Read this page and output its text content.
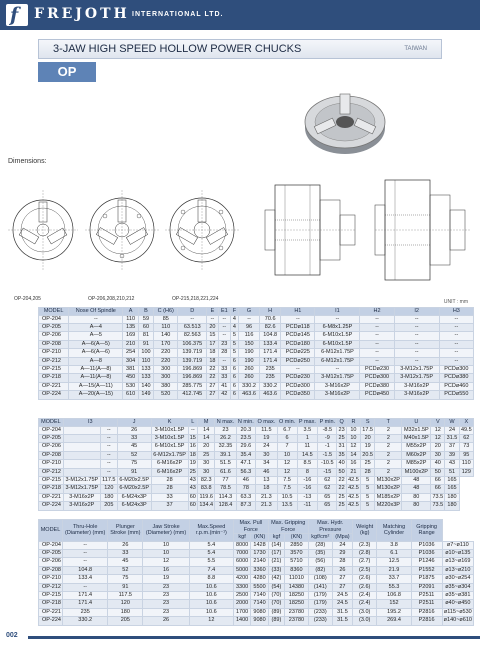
f FREJOTH INTERNATIONAL LTD.
3-JAW HIGH SPEED HOLLOW POWER CHUCKS	TAIWAN
OP
Dimensions:
OP-204,205	OP-206,208,210,212	OP-215,218,221,224	UNIT : mm
MODEL	Nose Of Spindle	A	B	C (H6)	D	E	E1	F	G	H	H1	I1	H2	I2	H3
OP-204	--	110	59	85	--	--	--	4	--	70.6	--	--	--	--	--
OP-205	A—4	135	60	110	63.513	20	--	4	96	82.6	PCDø118	6-M8x1.25P	--	--	--
OP-206	A—5	169	81	140	82.563	15	--	5	116	104.8	PCDø145	6-M10x1.5P	--	--	--
OP-208	A—6(A—5)	210	91	170	106.375	17	23	5	150	133.4	PCDø180	6-M10x1.5P	--	--	--
OP-210	A—6(A—6)	254	100	220	139.719	18	28	5	190	171.4	PCDø225	6-M12x1.75P	--	--	--
OP-212	A—8	304	110	220	139.719	18	--	6	190	171.4	PCDø250	6-M12x1.75P	--	--	--
OP-215	A—11(A—8)	381	133	300	196.869	22	33	6	260	235	--	--	PCDø230	3-M12x1.75P	PCDø300
OP-218	A—11(A—8)	450	133	300	196.869	22	33	6	260	235	PCDø230	3-M12x1.75P	PCDø300	3-M12x1.75P	PCDø380
OP-221	A—15(A—11)	530	140	380	285.775	27	41	6	330.2	330.2	PCDø300	3-M16x2P	PCDø380	3-M16x2P	PCDø460
OP-224	A—20(A—15)	610	149	520	412.745	27	42	6	463.6	463.6	PCDø350	3-M16x2P	PCDø450	3-M16x2P	PCDø550
MODEL	I3		J	K	L	M	N max.	N min.	O max.	O min.	P max.	P min.	Q	R	S	T	U	V	W	X
OP-204		--	26	3-M10x1.5P	--	14	23	20.3	11.5	6.7	3.5	-8.5	23	10	17.5	2	M32x1.5P	12	24	49.5
OP-205		--	33	3-M10x1.5P	15	14	26.2	23.5	19	6	1	-9	25	10	20	2	M40x1.5P	12	31.5	62
OP-206		--	45	6-M10x1.5P	16	20	32.35	29.6	24	7	11	-1	31	12	19	2	M55x2P	20	37	73
OP-208		--	52	6-M12x1.75P	18	25	39.1	35.4	30	10	14.5	-1.5	35	14	20.5	2	M60x2P	30	39	95
OP-210		--	75	6-M16x2P	19	30	51.5	47.1	34	12	8.5	-10.5	40	16	25	2	M85x2P	40	43	110
OP-212		--	91	6-M16x2P	25	30	61.6	56.3	46	12	8	-15	50	21	28	2	M100x2P	50	51	129
OP-215	3-M12x1.75P	117.5	6-M20x2.5P	28	43	82.3	77	46	13	7.5	-16	62	22	42.5	5	M130x2P	48	66	165	
OP-218	3-M12x1.75P	120	6-M20x2.5P	28	43	83.8	78.5	78	18	7.5	-16	62	22	42.5	5	M130x2P	48	66	165	
OP-221	3-M16x2P	180	6-M24x3P	33	60	119.6	114.3	63.3	21.3	10.5	-13	65	25	42.5	5	M185x2P	80	73.5	180	
OP-224	3-M16x2P	205	6-M24x3P	37	60	134.4	128.4	87.3	21.3	13.5	-11	65	25	42.5	5	M220x3P	80	73.5	180	
MODEL	Thru-Hole (Diameter) (mm)	Plunger Stroke (mm)	Jaw Stroke (Diameter) (mm)	Max.Speed r.p.m.(min⁻¹)	Max. Pull Force		Max. Gripping Force		Max. Hydr. Pressure		Weight (kg)	Matching Cylinder	Gripping Range	
					kgf	(KN)	kgf	(KN)	kgf/cm²	(Mpa)				
OP-204	--	26	10	5.4	8000	1428	(14)	2850	(28)	24	(2.3)	3.8	P1036	ø7~ø110
OP-205	--	33	10	5.4	7000	1730	(17)	3570	(35)	29	(2.8)	6.1	P1036	ø10~ø135
OP-206	--	45	12	5.5	6000	2140	(21)	5710	(56)	28	(2.7)	12.5	P1246	ø13~ø169
OP-208	104.8	52	16	7.4	5000	3360	(33)	8360	(82)	26	(2.5)	21.9	P1552	ø13~ø210
OP-210	133.4	75	19	8.8	4200	4280	(42)	11010	(108)	27	(2.6)	33.7	P1875	ø30~ø254
OP-212	--	91	23	10.6	3300	5500	(54)	14380	(141)	27	(2.6)	55.3	P2091	ø35~ø304
OP-215	171.4	117.5	23	10.6	2500	7140	(70)	18250	(179)	24.5	(2.4)	106.8	P2511	ø35~ø381
OP-218	171.4	120	23	10.6	2000	7140	(70)	18250	(179)	24.5	(2.4)	152	P2511	ø40~ø450
OP-221	235	180	23	10.6	1700	9080	(89)	23780	(233)	31.5	(3.0)	195.2	P2816	ø115~ø530
OP-224	330.2	205	26	12	1400	9080	(89)	23780	(233)	31.5	(3.0)	269.4	P2816	ø140~ø610
002
